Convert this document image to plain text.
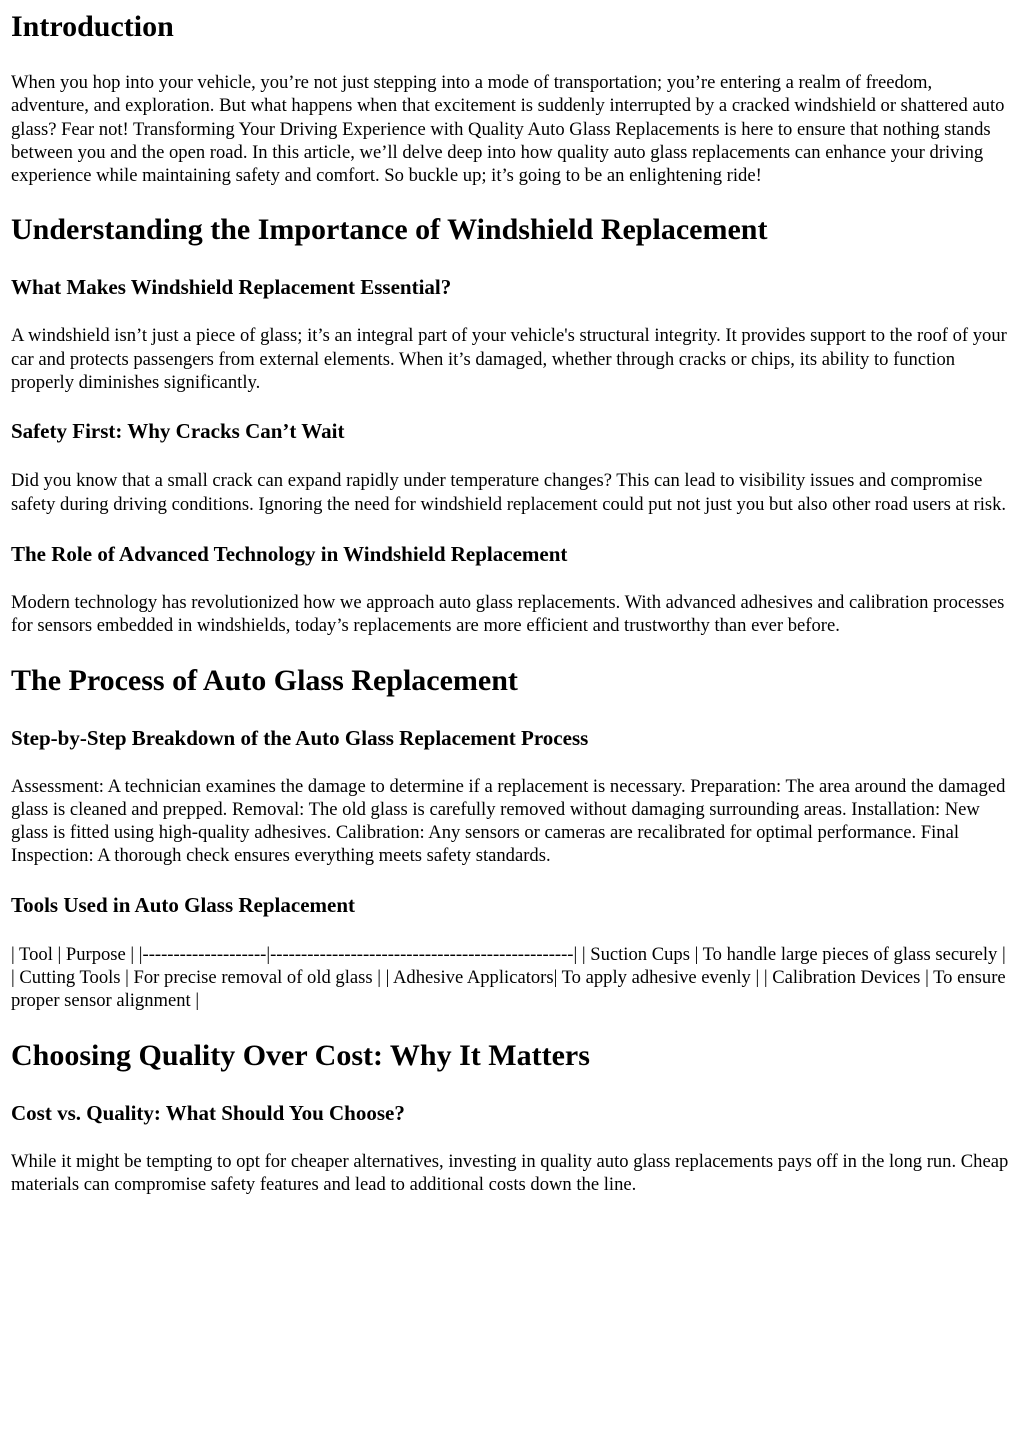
Introduction

When you hop into your vehicle, you’re not just stepping into a mode of transportation; you’re entering a realm of freedom, adventure, and exploration. But what happens when that excitement is suddenly interrupted by a cracked windshield or shattered auto glass? Fear not! Transforming Your Driving Experience with Quality Auto Glass Replacements is here to ensure that nothing stands between you and the open road. In this article, we’ll delve deep into how quality auto glass replacements can enhance your driving experience while maintaining safety and comfort. So buckle up; it’s going to be an enlightening ride!

Understanding the Importance of Windshield Replacement
What Makes Windshield Replacement Essential?

A windshield isn’t just a piece of glass; it’s an integral part of your vehicle's structural integrity. It provides support to the roof of your car and protects passengers from external elements. When it’s damaged, whether through cracks or chips, its ability to function properly diminishes significantly.

Safety First: Why Cracks Can’t Wait

Did you know that a small crack can expand rapidly under temperature changes? This can lead to visibility issues and compromise safety during driving conditions. Ignoring the need for windshield replacement could put not just you but also other road users at risk.

The Role of Advanced Technology in Windshield Replacement

Modern technology has revolutionized how we approach auto glass replacements. With advanced adhesives and calibration processes for sensors embedded in windshields, today’s replacements are more efficient and trustworthy than ever before.

The Process of Auto Glass Replacement
Step-by-Step Breakdown of the Auto Glass Replacement Process

Assessment: A technician examines the damage to determine if a replacement is necessary. Preparation: The area around the damaged glass is cleaned and prepped. Removal: The old glass is carefully removed without damaging surrounding areas. Installation: New glass is fitted using high-quality adhesives. Calibration: Any sensors or cameras are recalibrated for optimal performance. Final Inspection: A thorough check ensures everything meets safety standards.

Tools Used in Auto Glass Replacement

| Tool | Purpose | |--------------------|-------------------------------------------------| | Suction Cups | To handle large pieces of glass securely | | Cutting Tools | For precise removal of old glass | | Adhesive Applicators| To apply adhesive evenly | | Calibration Devices | To ensure proper sensor alignment |

Choosing Quality Over Cost: Why It Matters
Cost vs. Quality: What Should You Choose?

While it might be tempting to opt for cheaper alternatives, investing in quality auto glass replacements pays off in the long run. Cheap materials can compromise safety features and lead to additional costs down the line.
